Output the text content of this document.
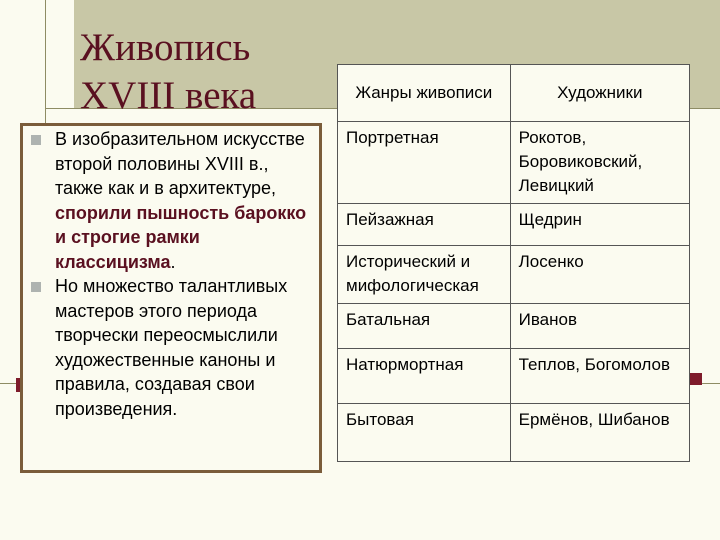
Живопись
XVIII века
В изобразительном искусстве второй половины XVIII в., также как и в архитектуре, спорили пышность барокко и строгие рамки классицизма.
Но множество талантливых мастеров этого периода творчески переосмыслили художественные каноны и правила, создавая свои произведения.
Жанры живописи	Художники
Портретная	Рокотов, Боровиковский, Левицкий
Пейзажная	Щедрин
Исторический и мифологическая	Лосенко
Батальная	Иванов
Натюрмортная	Теплов, Богомолов
Бытовая	Ермёнов, Шибанов
